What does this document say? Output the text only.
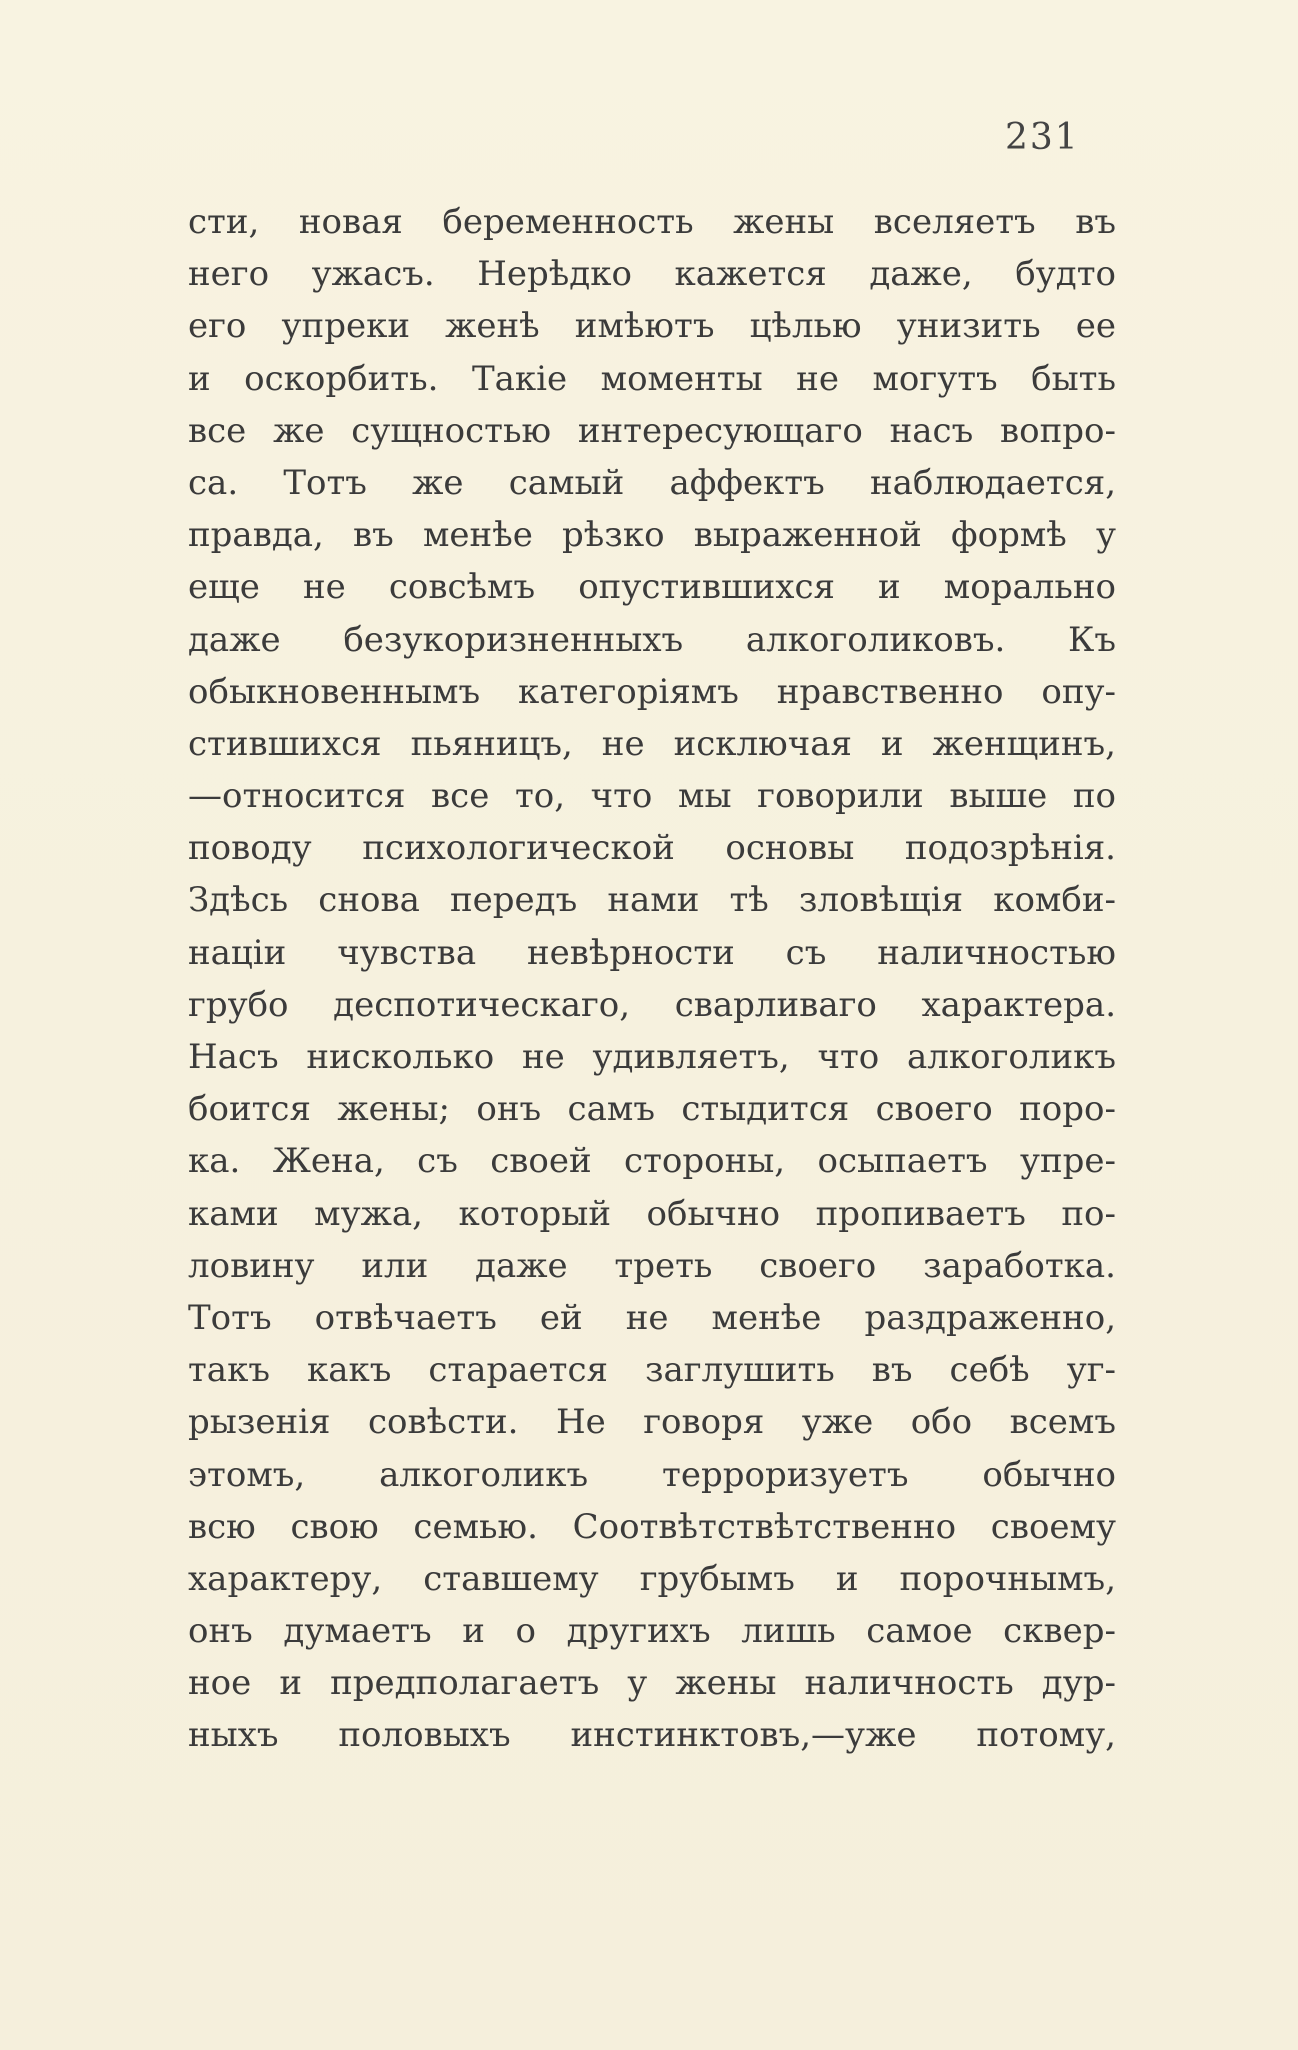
231
сти, новая беременность жены вселяетъ въ
него ужасъ. Нерѣдко кажется даже, будто
его упреки женѣ имѣютъ цѣлью унизить ее
и оскорбить. Такіе моменты не могутъ быть
все же сущностью интересующаго насъ вопро-
са. Тотъ же самый аффектъ наблюдается,
правда, въ менѣе рѣзко выраженной формѣ у
еще не совсѣмъ опустившихся и морально
даже безукоризненныхъ алкоголиковъ. Къ
обыкновеннымъ категоріямъ нравственно опу-
стившихся пьяницъ, не исключая и женщинъ,
—относится все то, что мы говорили выше по
поводу психологической основы подозрѣнія.
Здѣсь снова передъ нами тѣ зловѣщія комби-
націи чувства невѣрности съ наличностью
грубо деспотическаго, сварливаго характера.
Насъ нисколько не удивляетъ, что алкоголикъ
боится жены; онъ самъ стыдится своего поро-
ка. Жена, съ своей стороны, осыпаетъ упре-
ками мужа, который обычно пропиваетъ по-
ловину или даже треть своего заработка.
Тотъ отвѣчаетъ ей не менѣе раздраженно,
такъ какъ старается заглушить въ себѣ уг-
рызенія совѣсти. Не говоря уже обо всемъ
этомъ, алкоголикъ терроризуетъ обычно
всю свою семью. Соотвѣтствѣтственно своему
характеру, ставшему грубымъ и порочнымъ,
онъ думаетъ и о другихъ лишь самое сквер-
ное и предполагаетъ у жены наличность дур-
ныхъ половыхъ инстинктовъ,—уже потому,
